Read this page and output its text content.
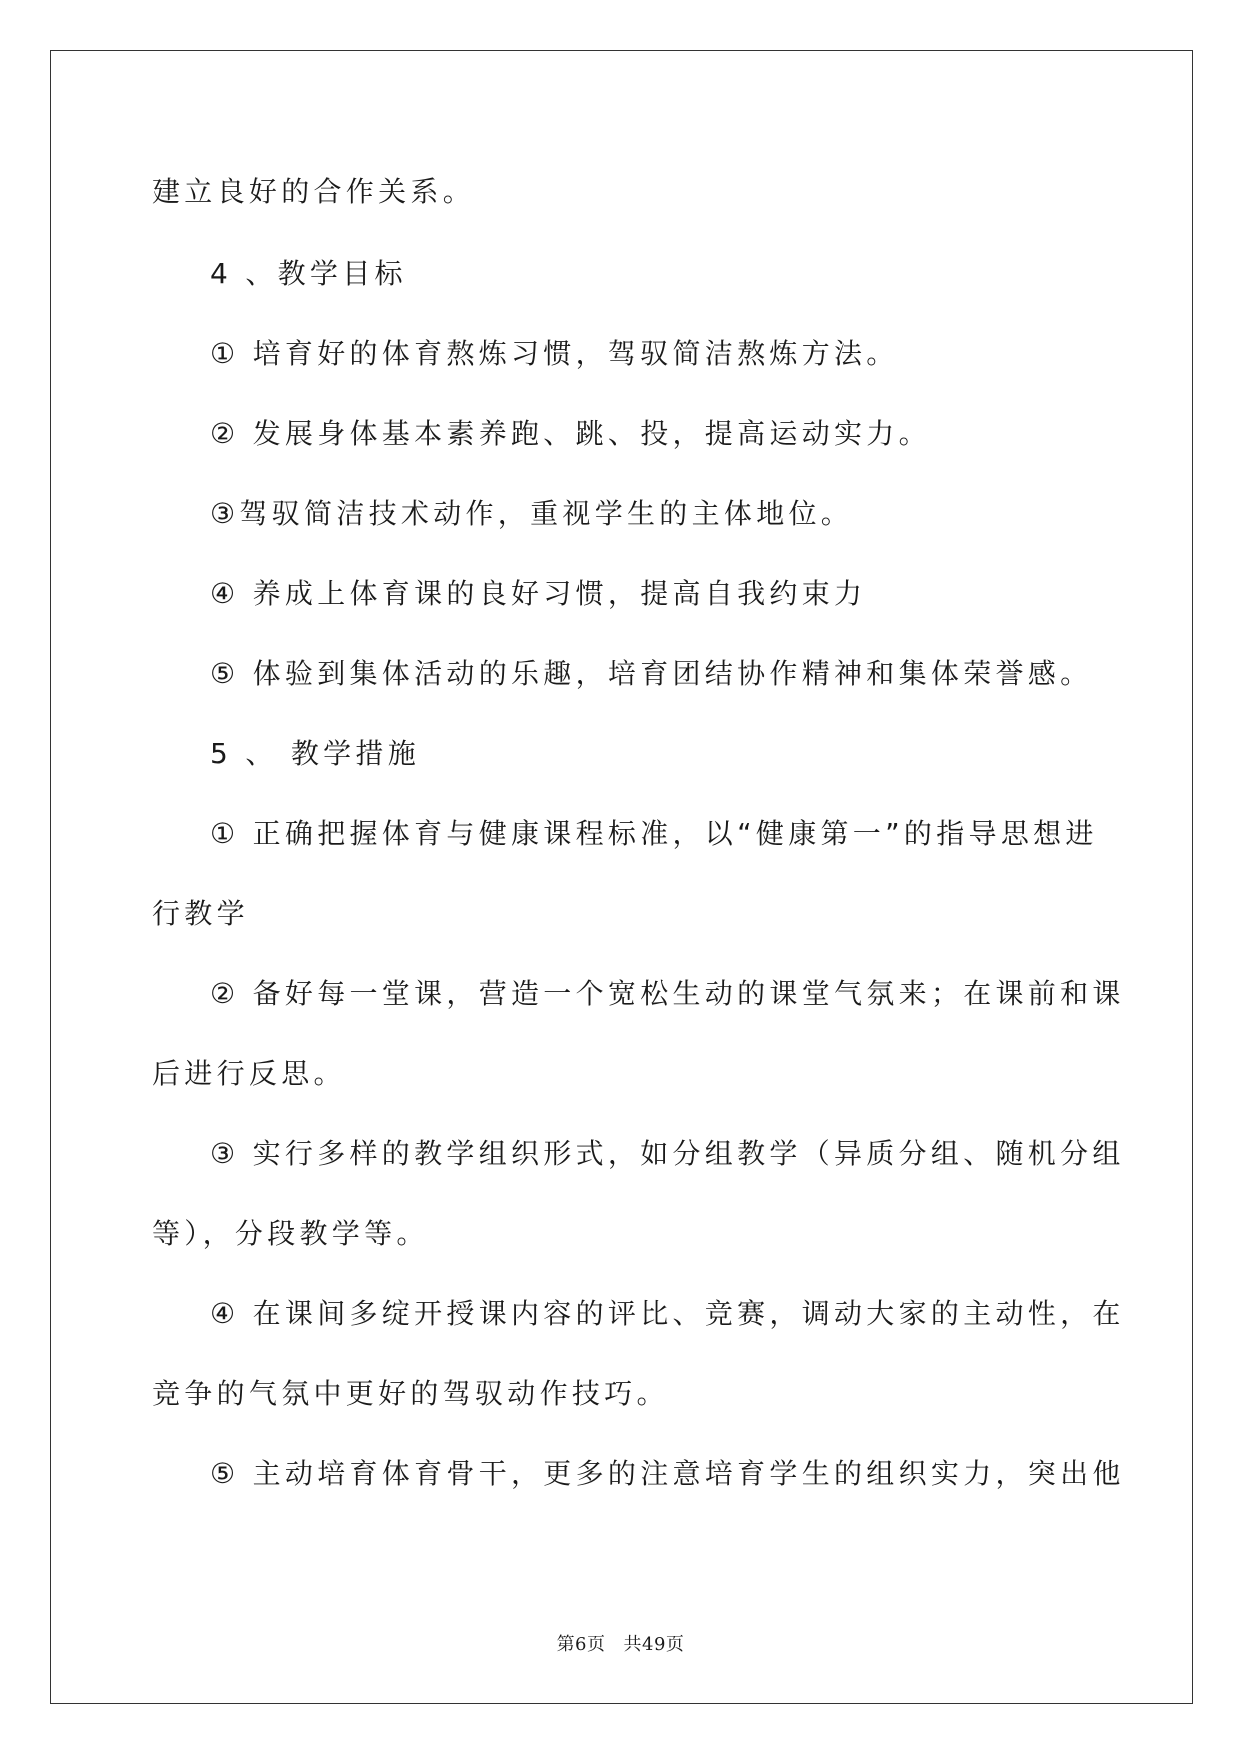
建立良好的合作关系。
4 、教学目标
① 培育好的体育熬炼习惯，驾驭简洁熬炼方法。
② 发展身体基本素养跑、跳、投，提高运动实力。
③驾驭简洁技术动作，重视学生的主体地位。
④ 养成上体育课的良好习惯，提高自我约束力
⑤ 体验到集体活动的乐趣，培育团结协作精神和集体荣誉感。
5 、 教学措施
① 正确把握体育与健康课程标准，以“健康第一”的指导思想进
行教学
② 备好每一堂课，营造一个宽松生动的课堂气氛来；在课前和课
后进行反思。
③ 实行多样的教学组织形式，如分组教学（异质分组、随机分组
等），分段教学等。
④ 在课间多绽开授课内容的评比、竞赛，调动大家的主动性，在
竞争的气氛中更好的驾驭动作技巧。
⑤ 主动培育体育骨干，更多的注意培育学生的组织实力，突出他
第6页 共49页
